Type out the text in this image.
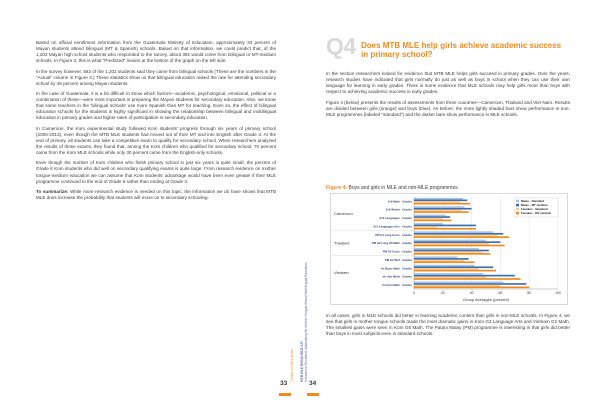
Based on official enrollment information from the Guatemala Ministry of Education, approximately 33 percent of Mayan students attend bilingual (MT & Spanish) schools. Based on that information, we could predict that, of the 1,202 Mayan high school students who responded to the survey, about 392 would come from bilingual or MT-medium schools. In Figure 3, this is what "Predicted" means at the bottom of the graph on the left side.

In the survey however, 582 of the 1,202 students said they came from bilingual schools (These are the numbers in the "Actual" column in Figure 3.) These statistics show us that bilingual education raised the rate for attending secondary school by 48 percent among Mayan students.

In the case of Guatemala, it is a bit difficult to know which factors—academic, psychological, emotional, political or a combination of these—were most important in preparing the Mayan students for secondary education. Also, we know that some teachers in the 'bilingual schools' use more Spanish than MT for teaching. Even so, the effect of bilingual education schools for the students is highly significant in showing the relationship between bilingual and multilingual education in primary grades and higher rates of participation in secondary education.

In Cameroon, the Kom experimental study followed Kom students' progress through six years of primary school (2006-2013), even though the MTB MLE students had moved out of their MT and into English after Grade 3. At the end of primary, all students can take a competitive exam to qualify for secondary school. When researchers analyzed the results of those exams, they found that, among the Kom children who qualified for secondary school, 70 percent came from the Kom MLE schools while only 30 percent came from the English-only schools.

Even though the number of Kom children who finish primary school in just six years is quite small, the percent of Grade 6 Kom students who did well on secondary qualifying exams is quite large. From research evidence on mother tongue-medium education we can assume that Kom students' advantage would have been even greater if their MLE programme continued to the end of Grade 6 rather than ending at Grade 3.

To summarize: While more research evidence is needed on this topic, the information we do have shows that MTB MLE does increase the probability that students will move on to secondary schooling.

33
Trends in Policy Action MTB MLE RESOURCE KIT Included or Excluded: Advocating for Mother Tongue-Based Multilingual Education
Q4 Does MTB MLE help girls achieve academic success in primary school?

In the section researchers looked for evidence that MTB MLE helps girls succeed in primary grades. Over the years, research studies have indicated that girls normally do just as well as boys in school when they can use their own language for learning in early grades. There is some evidence that MLE schools may help girls more than boys with respect to achieving academic success in early grades.

Figure 4 (below) presents the results of assessments from three countries—Cameroon, Thailand and Viet Nam. Results are divided between girls (orange) and boys (blue). As before, the more lightly shaded bars show performance in non-MLE programmes (labeled "standard") and the darker bars show performance in MLE schools.

Figure 4: Boys and girls in MLE and non-MLE programmes
0	20	40	60	80	100
Group Averages (percent)
Gr6 Math - Grades
Gr6 Writeit - Grades
Gr3 Languages - Grades
Gr3 Languages Arts - Grades
PM G1 Lang Socio - Grades
PM G2 Lang G6 Math - Grades
PM G2 Socio - Grades
PM G2 Writ - Grades
Vn Basic Math - Grades
Vn Viet Writit - Grades
Vn Hum Math - Grades
Cameroon
Thailand
Vietnam
Males - Standard
Males - MT medium
Females - Standard
Females - MT medium

In all cases, girls in MLE schools did better in learning academic content than girls in non-MLE schools. In Figure 4, we see that girls in mother tongue schools made the most dramatic gains in Kom G3 Language Arts and Vietnam G2 Math. The smallest gains were seen in Kom G6 Math. The Patani Malay (PM) programme is interesting in that girls did better than boys in most subjects even in standard schools.

34
